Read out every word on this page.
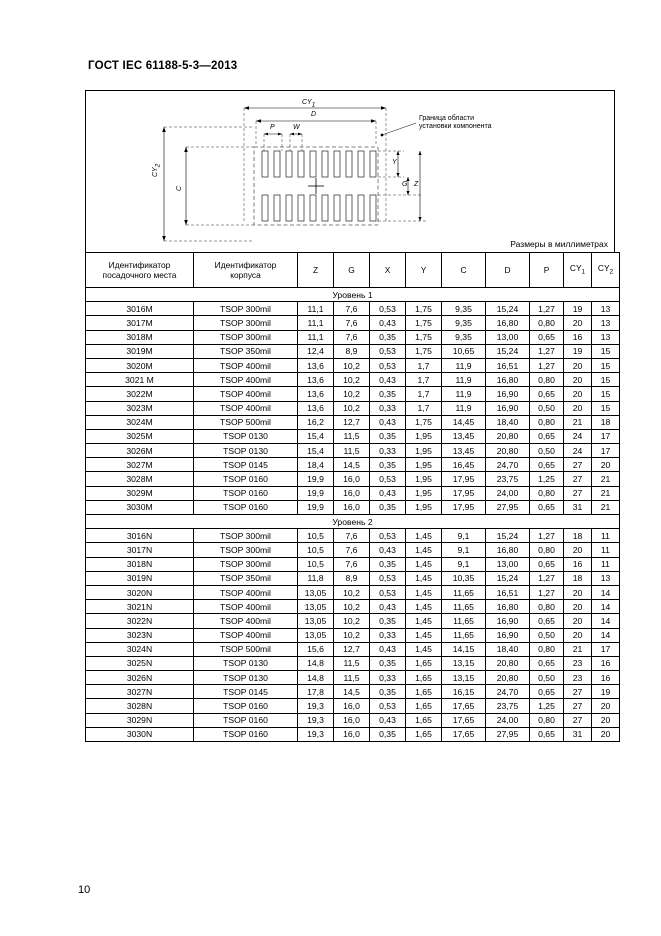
ГОСТ IEC 61188-5-3—2013
CY1
D
P	W
CY2
C
Y
G Z
Граница области
установки компонента
Размеры в миллиметрах
Идентификатор
посадочного места	Идентификатор
корпуса	Z	G	X	Y	C	D	P	$CY_1$	$CY_2$
Уровень 1										
3016M	TSOP 300mil	11,1	7,6	0,53	1,75	9,35	15,24	1,27	19	13
3017M	TSOP 300mil	11,1	7,6	0,43	1,75	9,35	16,80	0,80	20	13
3018M	TSOP 300mil	11,1	7,6	0,35	1,75	9,35	13,00	0,65	16	13
3019M	TSOP 350mil	12,4	8,9	0,53	1,75	10,65	15,24	1,27	19	15
3020M	TSOP 400mil	13,6	10,2	0,53	1,7	11,9	16,51	1,27	20	15
3021 M	TSOP 400mil	13,6	10,2	0,43	1,7	11,9	16,80	0,80	20	15
3022M	TSOP 400mil	13,6	10,2	0,35	1,7	11,9	16,90	0,65	20	15
3023M	TSOP 400mil	13,6	10,2	0,33	1,7	11,9	16,90	0,50	20	15
3024M	TSOP 500mil	16,2	12,7	0,43	1,75	14,45	18,40	0,80	21	18
3025M	TSOP 0130	15,4	11,5	0,35	1,95	13,45	20,80	0,65	24	17
3026M	TSOP 0130	15,4	11,5	0,33	1,95	13,45	20,80	0,50	24	17
3027M	TSOP 0145	18,4	14,5	0,35	1,95	16,45	24,70	0,65	27	20
3028M	TSOP 0160	19,9	16,0	0,53	1,95	17,95	23,75	1,25	27	21
3029M	TSOP 0160	19,9	16,0	0,43	1,95	17,95	24,00	0,80	27	21
3030M	TSOP 0160	19,9	16,0	0,35	1,95	17,95	27,95	0,65	31	21
Уровень 2										
3016N	TSOP 300mil	10,5	7,6	0,53	1,45	9,1	15,24	1,27	18	11
3017N	TSOP 300mil	10,5	7,6	0,43	1,45	9,1	16,80	0,80	20	11
3018N	TSOP 300mil	10,5	7,6	0,35	1,45	9,1	13,00	0,65	16	11
3019N	TSOP 350mil	11,8	8,9	0,53	1,45	10,35	15,24	1,27	18	13
3020N	TSOP 400mil	13,05	10,2	0,53	1,45	11,65	16,51	1,27	20	14
3021N	TSOP 400mil	13,05	10,2	0,43	1,45	11,65	16,80	0,80	20	14
3022N	TSOP 400mil	13,05	10,2	0,35	1,45	11,65	16,90	0,65	20	14
3023N	TSOP 400mil	13,05	10,2	0,33	1,45	11,65	16,90	0,50	20	14
3024N	TSOP 500mil	15,6	12,7	0,43	1,45	14,15	18,40	0,80	21	17
3025N	TSOP 0130	14,8	11,5	0,35	1,65	13,15	20,80	0,65	23	16
3026N	TSOP 0130	14,8	11,5	0,33	1,65	13,15	20,80	0,50	23	16
3027N	TSOP 0145	17,8	14,5	0,35	1,65	16,15	24,70	0,65	27	19
3028N	TSOP 0160	19,3	16,0	0,53	1,65	17,65	23,75	1,25	27	20
3029N	TSOP 0160	19,3	16,0	0,43	1,65	17,65	24,00	0,80	27	20
3030N	TSOP 0160	19,3	16,0	0,35	1,65	17,65	27,95	0,65	31	20
10
